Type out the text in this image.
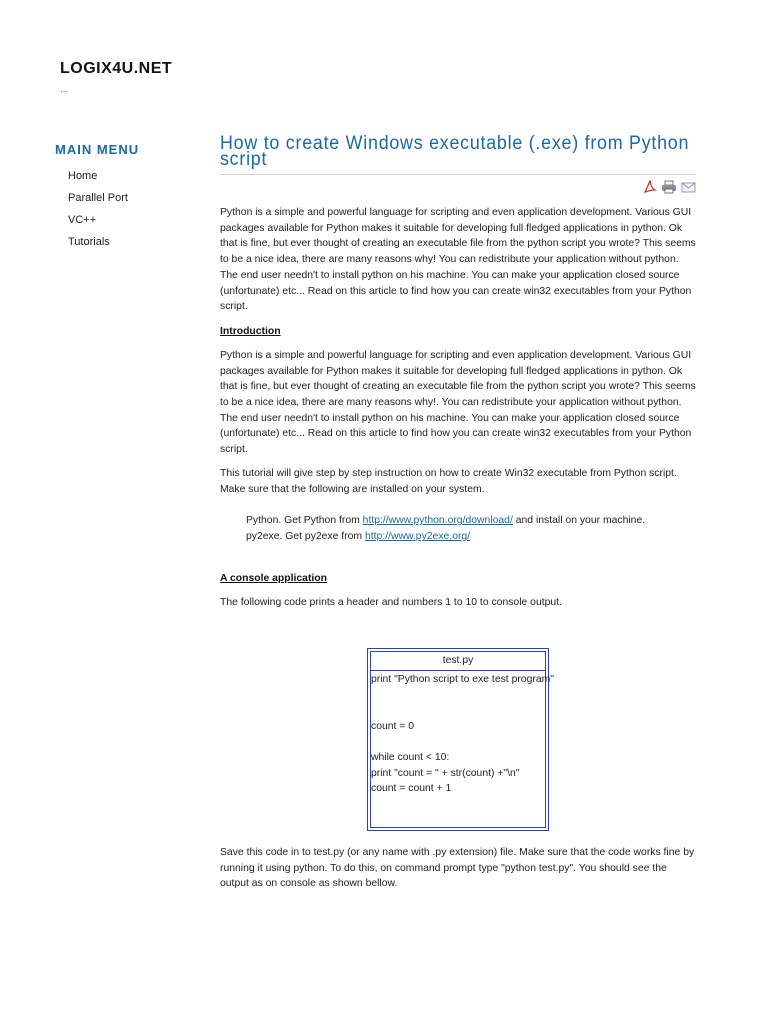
LOGIX4U.NET
...
MAIN MENU
Home
Parallel Port
VC++
Tutorials
How to create Windows executable (.exe) from Python script

Python is a simple and powerful language for scripting and even application development. Various GUI packages available for Python makes it suitable for developing full fledged applications in python. Ok that is fine, but ever thought of creating an executable file from the python script you wrote? This seems to be a nice idea, there are many reasons why! You can redistribute your application without python. The end user needn't to install python on his machine. You can make your application closed source (unfortunate) etc... Read on this article to find how you can create win32 executables from your Python script.

Introduction

Python is a simple and powerful language for scripting and even application development. Various GUI packages available for Python makes it suitable for developing full fledged applications in python. Ok that is fine, but ever thought of creating an executable file from the python script you wrote? This seems to be a nice idea, there are many reasons why!. You can redistribute your application without python. The end user needn't to install python on his machine. You can make your application closed source (unfortunate) etc... Read on this article to find how you can create win32 executables from your Python script.

This tutorial will give step by step instruction on how to create Win32 executable from Python script. Make sure that the following are installed on your system.

Python. Get Python from http://www.python.org/download/ and install on your machine.
py2exe. Get py2exe from http://www.py2exe.org/
A console application

The following code prints a header and numbers 1 to 10 to console output.

test.py
print "Python script to exe test program"

count = 0

while count < 10:
print "count = " + str(count) +"\n"
count = count + 1

Save this code in to test.py (or any name with .py extension) file. Make sure that the code works fine by running it using python. To do this, on command prompt type "python test.py". You should see the output as on console as shown bellow.
